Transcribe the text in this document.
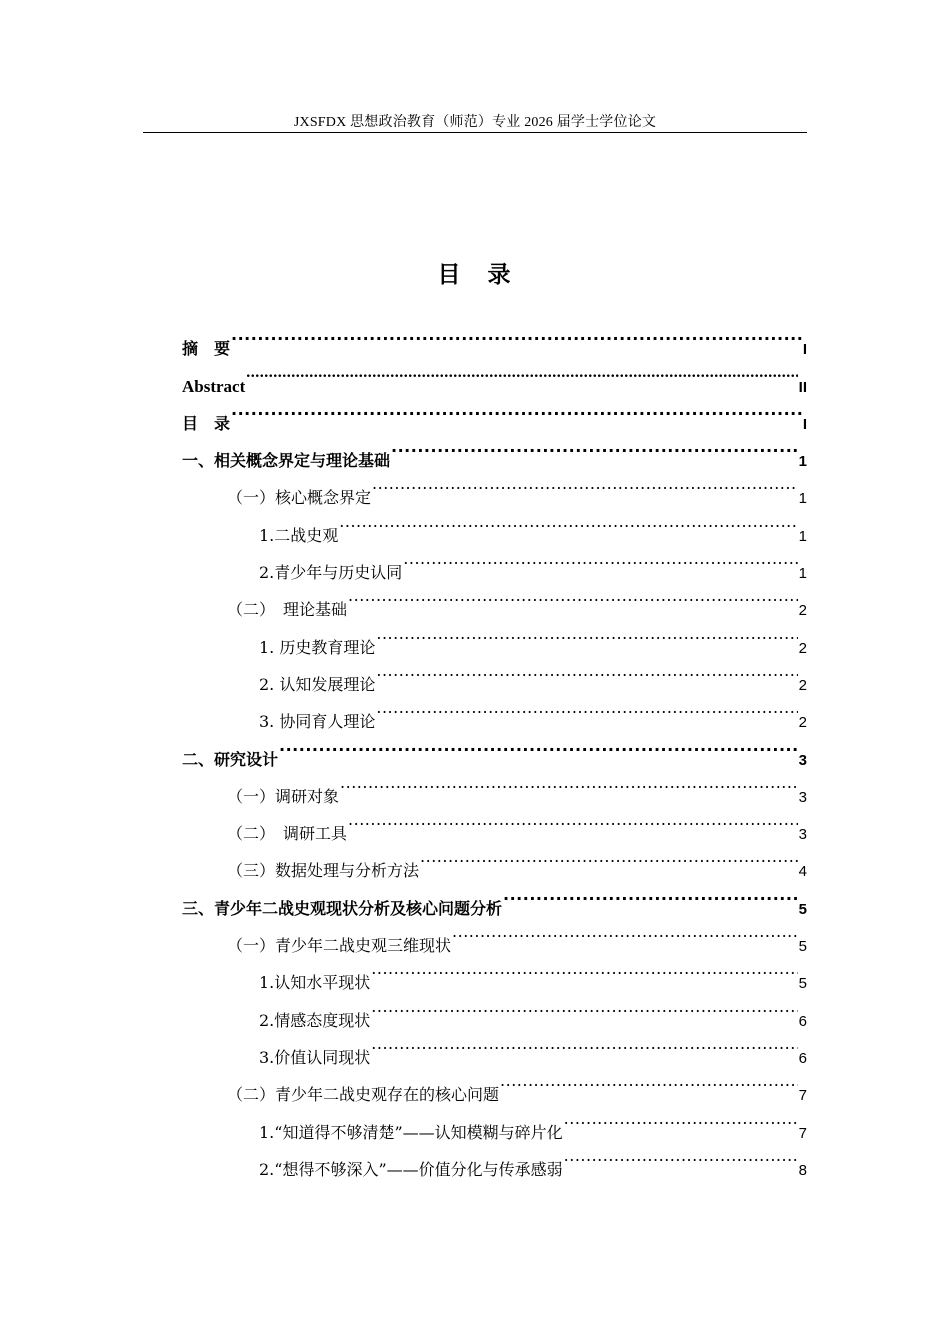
JXSFDX 思想政治教育（师范）专业 2026 届学士学位论文
目　录
摘　要 .....	I
Abstract .....	II
目　录 .....	I
一、相关概念界定与理论基础 .....	1
（一）核心概念界定 .....	1
1.二战史观 .....	1
2.青少年与历史认同 .....	1
（二）　理论基础 .....	2
1. 历史教育理论 .....	2
2. 认知发展理论 .....	2
3. 协同育人理论 .....	2
二、研究设计 .....	3
（一）调研对象 .....	3
（二）　调研工具 .....	3
（三）数据处理与分析方法 .....	4
三、青少年二战史观现状分析及核心问题分析 .....	5
（一）青少年二战史观三维现状 .....	5
1.认知水平现状 .....	5
2.情感态度现状 .....	6
3.价值认同现状 .....	6
（二）青少年二战史观存在的核心问题 .....	7
1.“知道得不够清楚”——认知模糊与碎片化 .....	7
2.“想得不够深入”——价值分化与传承感弱 .....	8
